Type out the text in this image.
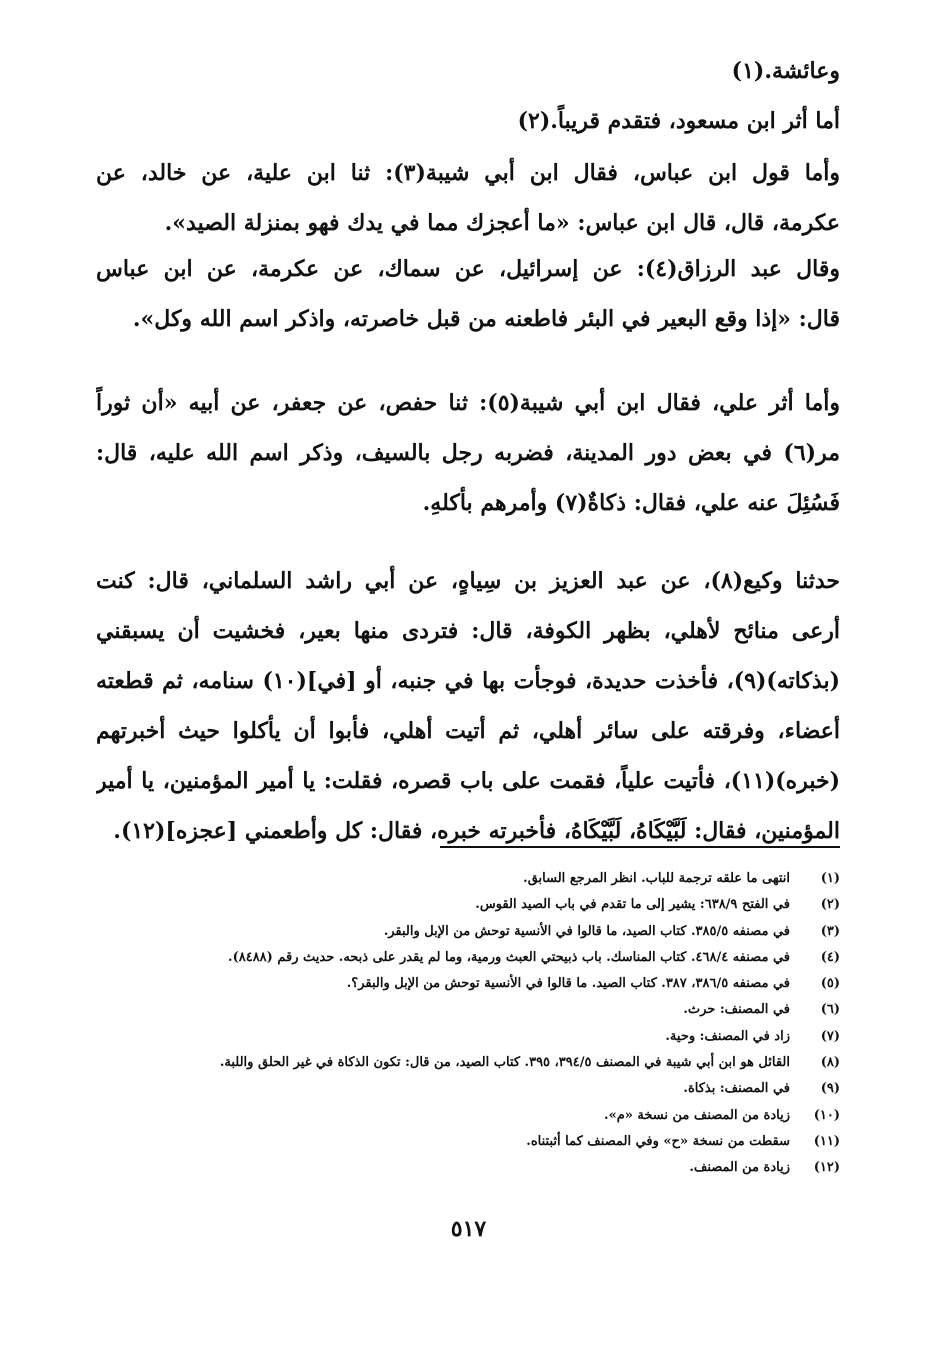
وعائشة.(١)
أما أثر ابن مسعود، فتقدم قريباً.(٢)
وأما قول ابن عباس، فقال ابن أبي شيبة(٣): ثنا ابن علية، عن خالد، عن
عكرمة، قال، قال ابن عباس: «ما أعجزك مما في يدك فهو بمنزلة الصيد».
وقال عبد الرزاق(٤): عن إسرائيل، عن سماك، عن عكرمة، عن ابن عباس
قال: «إذا وقع البعير في البئر فاطعنه من قبل خاصرته، واذكر اسم الله وكل».
وأما أثر علي، فقال ابن أبي شيبة(٥): ثنا حفص، عن جعفر، عن أبيه «أن ثوراً
مر(٦) في بعض دور المدينة، فضربه رجل بالسيف، وذكر اسم الله عليه، قال:
فَسُئِلَ عنه علي، فقال: ذكاةٌ(٧) وأمرهم بأكلهِ.
حدثنا وكيع(٨)، عن عبد العزيز بن سِياهٍ، عن أبي راشد السلماني، قال: كنت
أرعى منائح لأهلي، بظهر الكوفة، قال: فتردى منها بعير، فخشيت أن يسبقني
(بذكاته)(٩)، فأخذت حديدة، فوجأت بها في جنبه، أو [في](١٠) سنامه، ثم قطعته
أعضاء، وفرقته على سائر أهلي، ثم أتيت أهلي، فأبوا أن يأكلوا حيث أخبرتهم
(خبره)(١١)، فأتيت علياً، فقمت على باب قصره، فقلت: يا أمير المؤمنين، يا أمير
المؤمنين، فقال: لَبَّيْكَاهُ، لَبَّيْكَاهُ، فأخبرته خبره، فقال: كل وأطعمني [عجزه](١٢).
(١)
انتهى ما علقه ترجمة للباب. انظر المرجع السابق.
(٢)
في الفتح ٦٣٨/٩: يشير إلى ما تقدم في باب الصيد القوس.
(٣)
في مصنفه ٣٨٥/٥. كتاب الصيد، ما قالوا في الأنسية توحش من الإبل والبقر.
(٤)
في مصنفه ٤٦٨/٤. كتاب المناسك. باب ذبيحتي العبث ورمية، وما لم يقدر على ذبحه. حديث رقم (٨٤٨٨).
(٥)
في مصنفه ٣٨٦/٥، ٣٨٧. كتاب الصيد. ما قالوا في الأنسية توحش من الإبل والبقر؟.
(٦)
في المصنف: حرث.
(٧)
زاد في المصنف: وحية.
(٨)
القائل هو ابن أبي شيبة في المصنف ٣٩٤/٥، ٣٩٥. كتاب الصيد، من قال: تكون الذكاة في غير الحلق واللبة.
(٩)
في المصنف: بذكاة.
(١٠)
زيادة من المصنف من نسخة «م».
(١١)
سقطت من نسخة «ح» وفي المصنف كما أثبتناه.
(١٢)
زيادة من المصنف.
٥١٧
